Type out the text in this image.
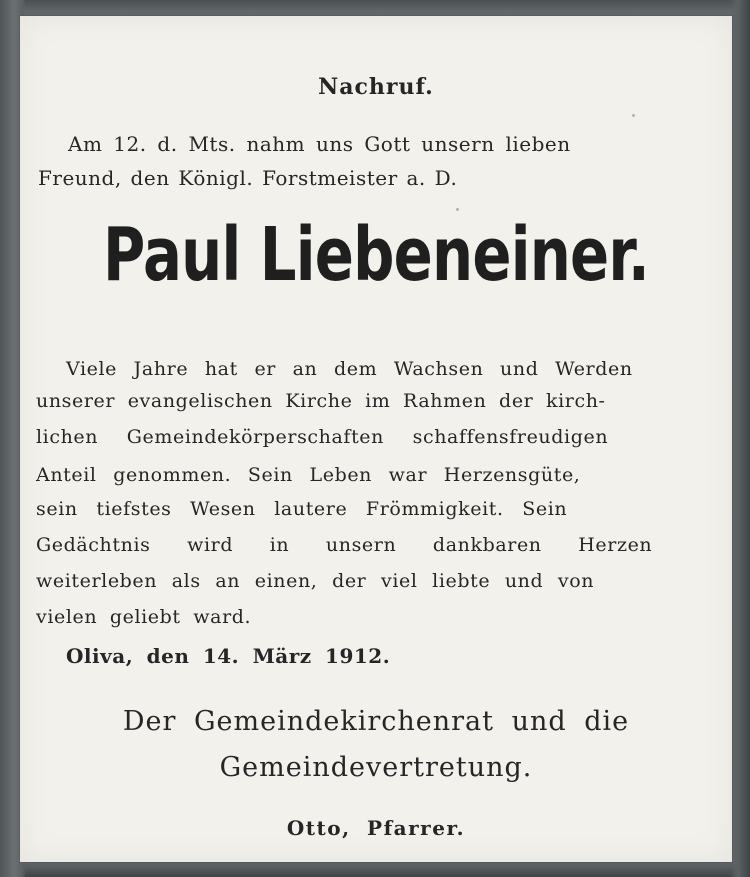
Nachruf.
Am 12. d. Mts. nahm uns Gott unsern lieben
Freund, den Königl. Forstmeister a. D.
Paul Liebeneiner.
Viele Jahre hat er an dem Wachsen und Werden
unserer evangelischen Kirche im Rahmen der kirch-
lichen Gemeindekörperschaften schaffensfreudigen
Anteil genommen. Sein Leben war Herzensgüte,
sein tiefstes Wesen lautere Frömmigkeit. Sein
Gedächtnis wird in unsern dankbaren Herzen
weiterleben als an einen, der viel liebte und von
vielen geliebt ward.
Oliva, den 14. März 1912.
Der Gemeindekirchenrat und die
Gemeindevertretung.
Otto, Pfarrer.
